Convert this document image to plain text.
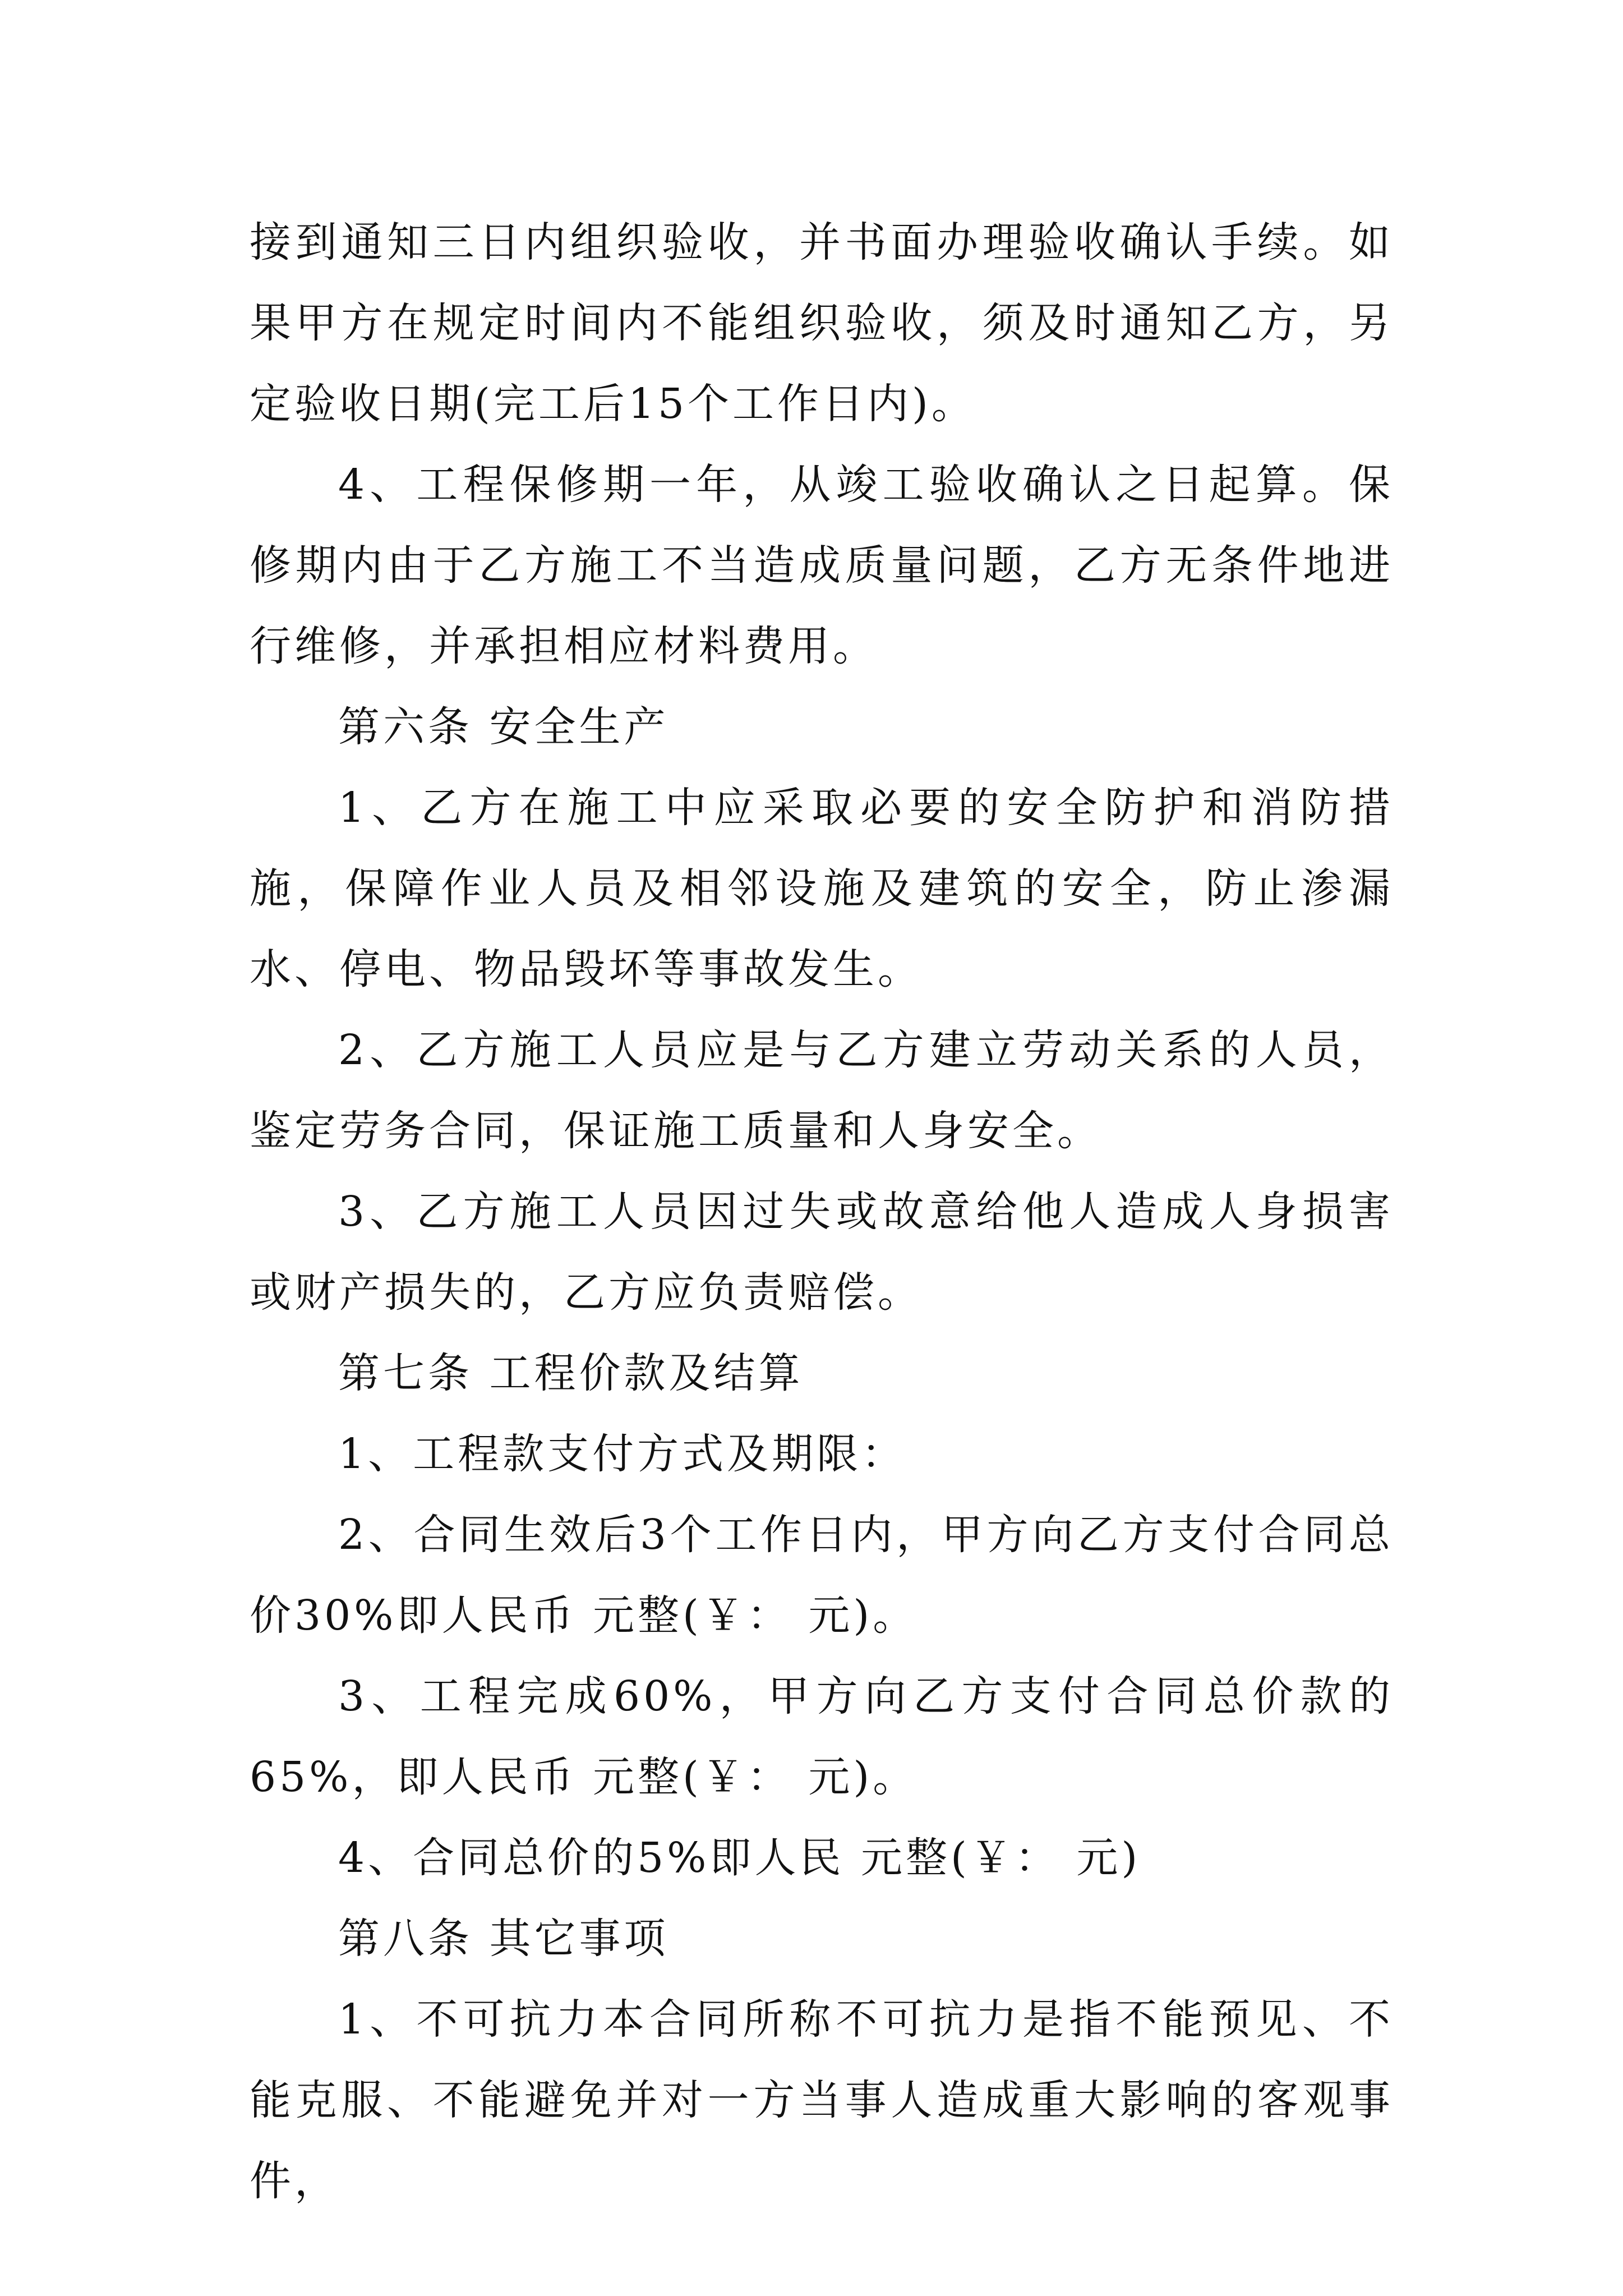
接到通知三日内组织验收，并书面办理验收确认手续。如果甲方在规定时间内不能组织验收，须及时通知乙方，另定验收日期(完工后15个工作日内)。

4、工程保修期一年，从竣工验收确认之日起算。保修期内由于乙方施工不当造成质量问题，乙方无条件地进行维修，并承担相应材料费用。

第六条 安全生产

1、乙方在施工中应采取必要的安全防护和消防措施，保障作业人员及相邻设施及建筑的安全，防止渗漏水、停电、物品毁坏等事故发生。

2、乙方施工人员应是与乙方建立劳动关系的人员，鉴定劳务合同，保证施工质量和人身安全。

3、乙方施工人员因过失或故意给他人造成人身损害或财产损失的，乙方应负责赔偿。

第七条 工程价款及结算

1、工程款支付方式及期限：

2、合同生效后3个工作日内，甲方向乙方支付合同总价30%即人民币 元整(￥： 元)。

3、工程完成60%，甲方向乙方支付合同总价款的65%，即人民币 元整(￥： 元)。

4、合同总价的5%即人民 元整(￥： 元)

第八条 其它事项

1、不可抗力本合同所称不可抗力是指不能预见、不能克服、不能避免并对一方当事人造成重大影响的客观事件，
